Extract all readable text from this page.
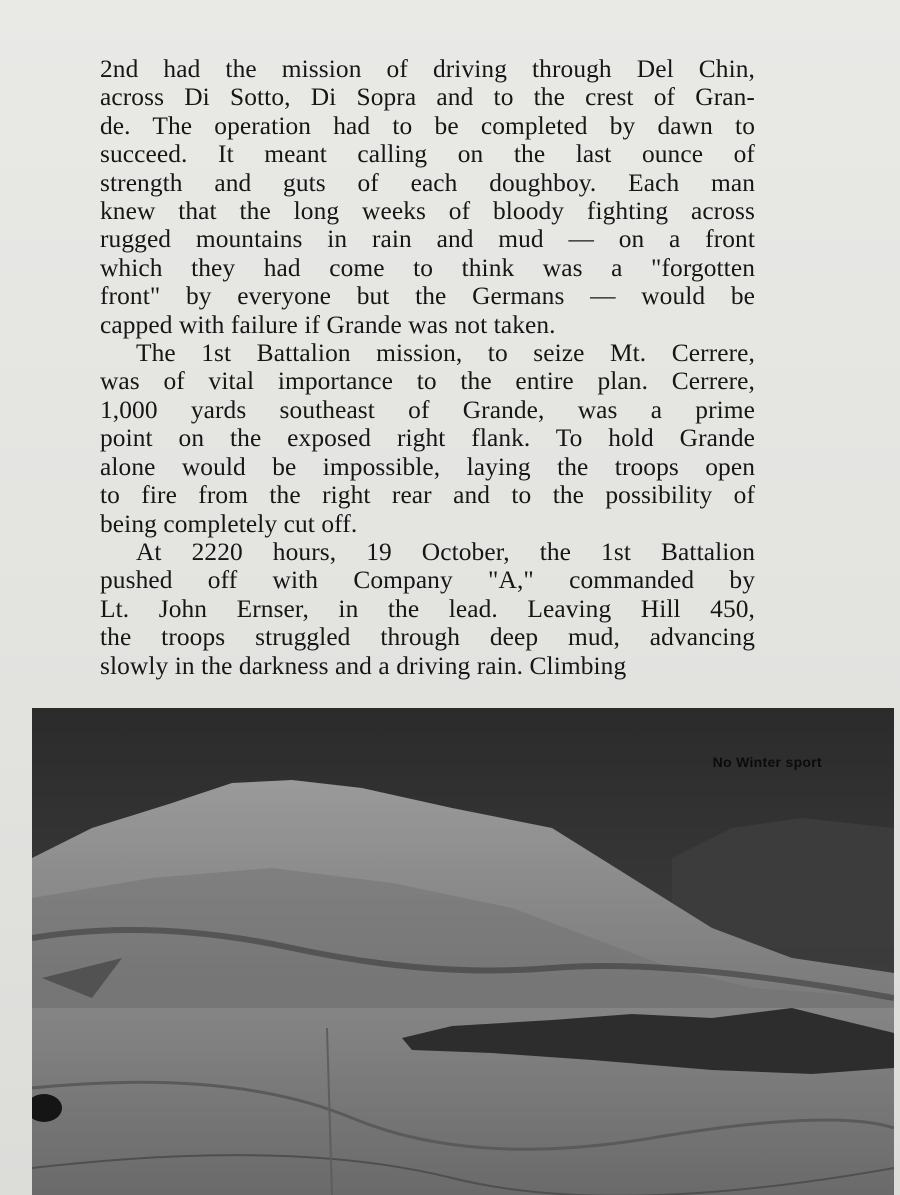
2nd had the mission of driving through Del Chin,
across Di Sotto, Di Sopra and to the crest of Gran-
de. The operation had to be completed by dawn to
succeed. It meant calling on the last ounce of
strength and guts of each doughboy. Each man
knew that the long weeks of bloody fighting across
rugged mountains in rain and mud — on a front
which they had come to think was a "forgotten
front" by everyone but the Germans — would be
capped with failure if Grande was not taken.

The 1st Battalion mission, to seize Mt. Cerrere,
was of vital importance to the entire plan. Cerrere,
1,000 yards southeast of Grande, was a prime
point on the exposed right flank. To hold Grande
alone would be impossible, laying the troops open
to fire from the right rear and to the possibility of
being completely cut off.

At 2220 hours, 19 October, the 1st Battalion
pushed off with Company "A," commanded by
Lt. John Ernser, in the lead. Leaving Hill 450,
the troops struggled through deep mud, advancing
slowly in the darkness and a driving rain. Climbing

No Winter sport
